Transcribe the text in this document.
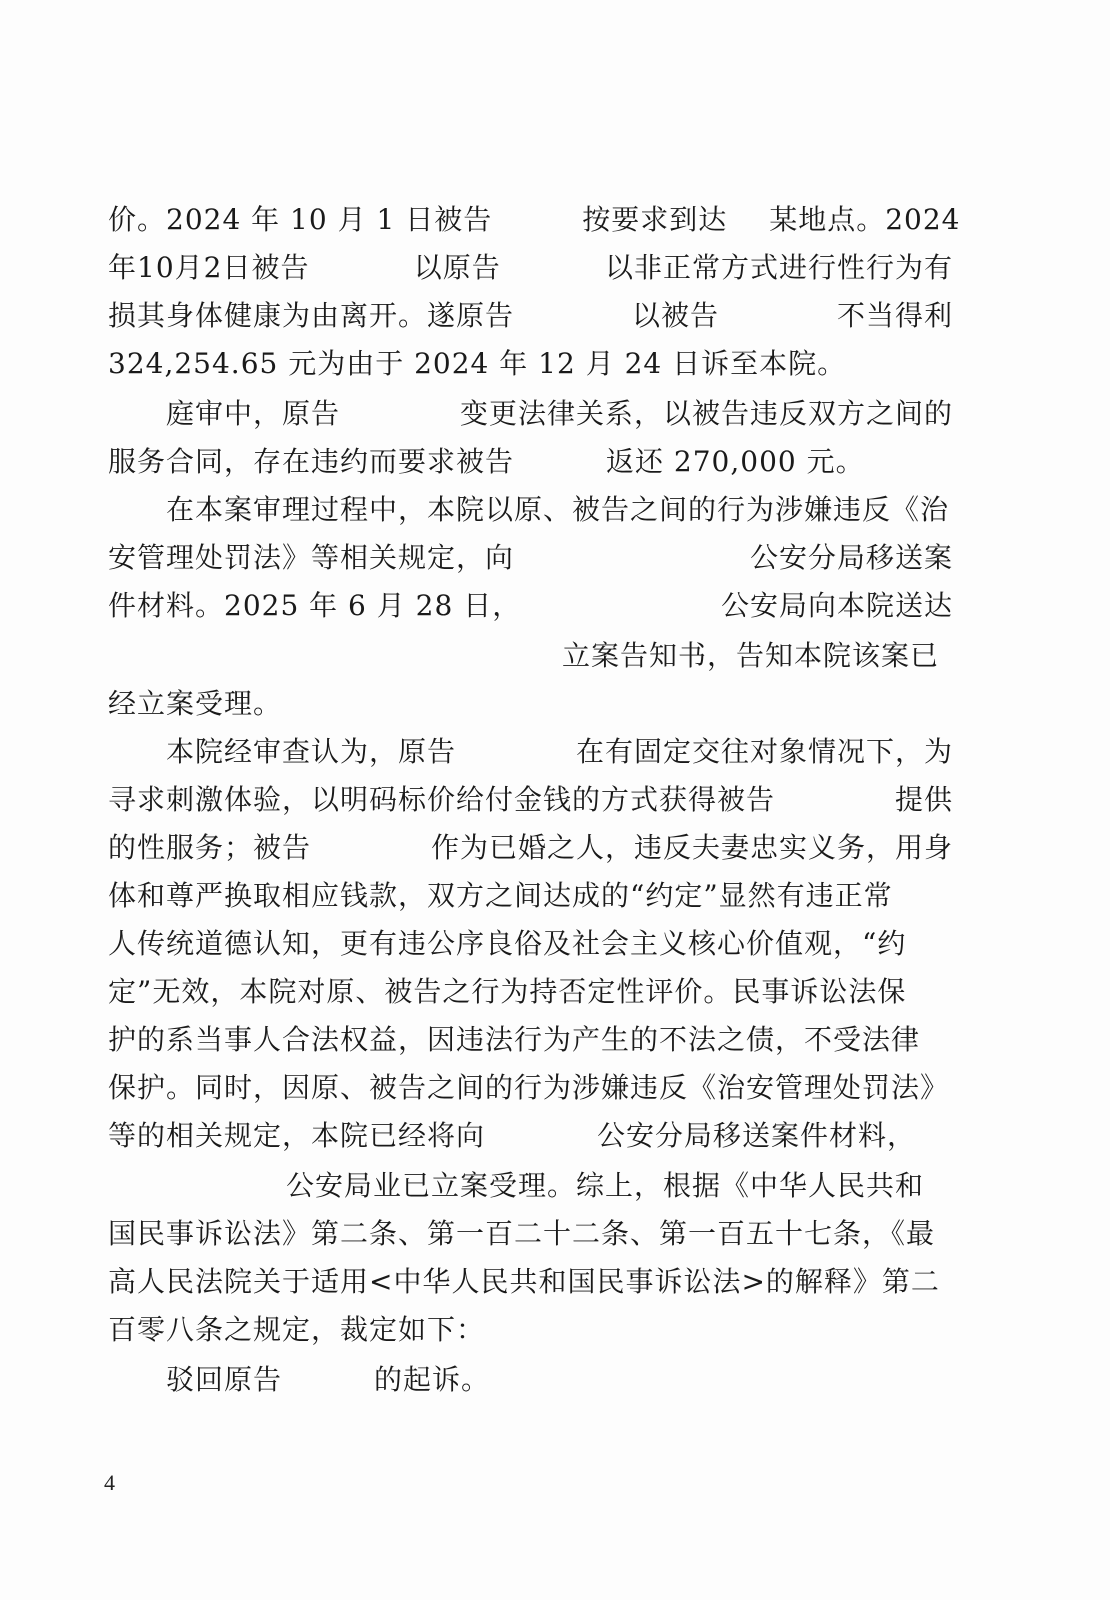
价。2024 年 10 月 1 日被告	按要求到达 某地点。2024
年10月2日被告	以原告	以非正常方式进行性行为有
损其身体健康为由离开。遂原告	以被告	不当得利
324,254.65 元为由于 2024 年 12 月 24 日诉至本院。
庭审中，原告	变更法律关系，以被告违反双方之间的
服务合同，存在违约而要求被告	返还 270,000 元。
在本案审理过程中，本院以原、被告之间的行为涉嫌违反《治
安管理处罚法》等相关规定，向	公安分局移送案
件材料。2025 年 6 月 28 日，	公安局向本院送达
立案告知书，告知本院该案已
经立案受理。
本院经审查认为，原告	在有固定交往对象情况下，为
寻求刺激体验，以明码标价给付金钱的方式获得被告	提供
的性服务；被告	作为已婚之人，违反夫妻忠实义务，用身
体和尊严换取相应钱款，双方之间达成的“约定”显然有违正常
人传统道德认知，更有违公序良俗及社会主义核心价值观，“约
定”无效，本院对原、被告之行为持否定性评价。民事诉讼法保
护的系当事人合法权益，因违法行为产生的不法之债，不受法律
保护。同时，因原、被告之间的行为涉嫌违反《治安管理处罚法》
等的相关规定，本院已经将向	公安分局移送案件材料，
公安局业已立案受理。综上，根据《中华人民共和
国民事诉讼法》第二条、第一百二十二条、第一百五十七条，《最
高人民法院关于适用<中华人民共和国民事诉讼法>的解释》第二
百零八条之规定，裁定如下：
驳回原告	的起诉。
4
